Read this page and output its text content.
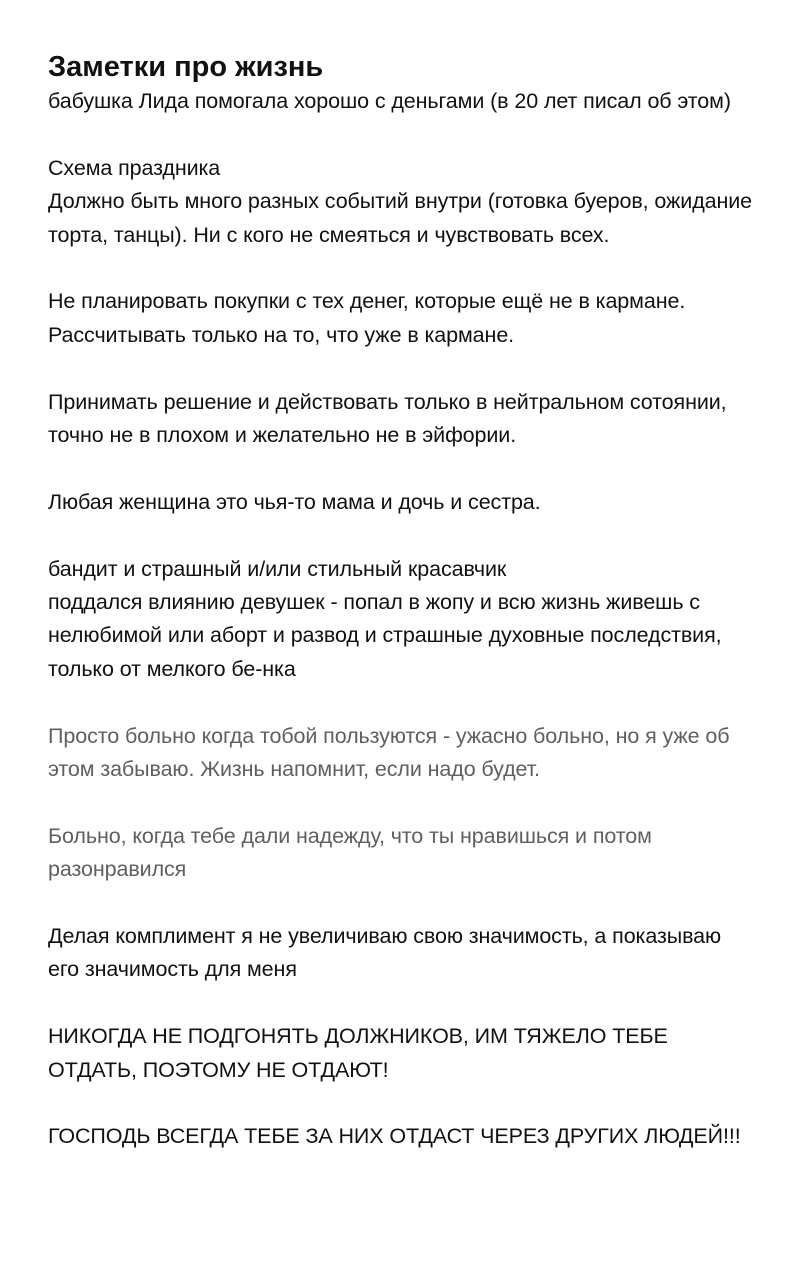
Заметки про жизнь

бабушка Лида помогала хорошо с деньгами (в 20 лет писал об этом)

Схема праздника

Должно быть много разных событий внутри (готовка буеров, ожидание торта, танцы). Ни с кого не смеяться и чувствовать всех.

Не планировать покупки с тех денег, которые ещё не в кармане. Рассчитывать только на то, что уже в кармане.

Принимать решение и действовать только в нейтральном сотоянии, точно не в плохом и желательно не в эйфории.

Любая женщина это чья-то мама и дочь и сестра.

бандит и страшный и/или стильный красавчик

поддался влиянию девушек - попал в жопу и всю жизнь живешь с нелюбимой или аборт и развод и страшные духовные последствия, только от мелкого бе-нка

Просто больно когда тобой пользуются - ужасно больно, но я уже об этом забываю. Жизнь напомнит, если надо будет.

Больно, когда тебе дали надежду, что ты нравишься и потом разонравился

Делая комплимент я не увеличиваю свою значимость, а показываю его значимость для меня

НИКОГДА НЕ ПОДГОНЯТЬ ДОЛЖНИКОВ, ИМ ТЯЖЕЛО ТЕБЕ ОТДАТЬ, ПОЭТОМУ НЕ ОТДАЮТ!

ГОСПОДЬ ВСЕГДА ТЕБЕ ЗА НИХ ОТДАСТ ЧЕРЕЗ ДРУГИХ ЛЮДЕЙ!!!
